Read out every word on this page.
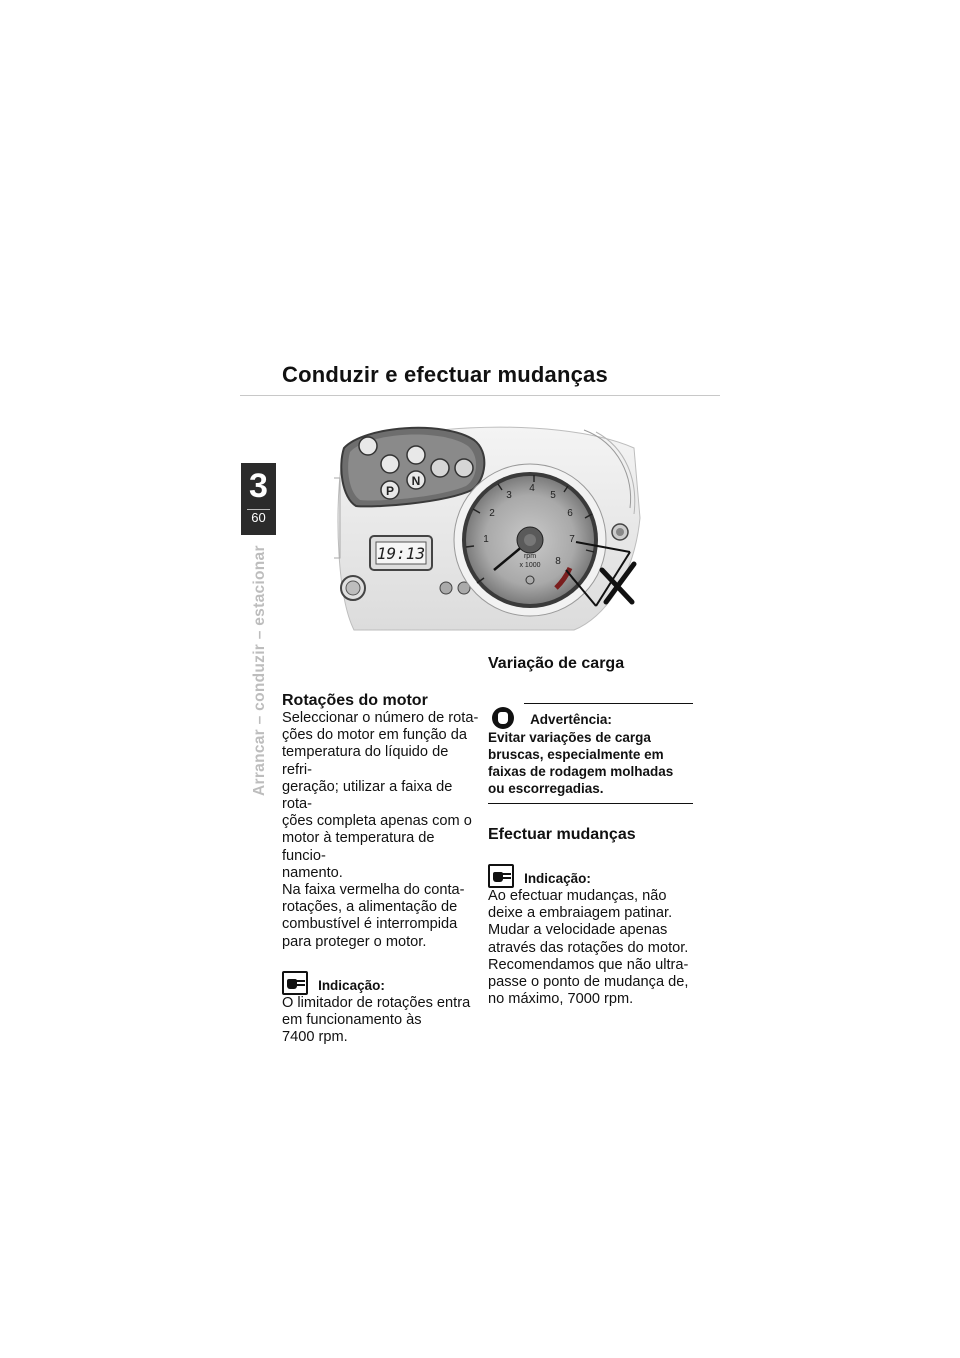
Conduzir e efectuar mudanças
3
60
Arrancar – conduzir – estacionar
N
P
19:13
1
2
3
4
5
6
7
8
rpm
x 1000

Rotações do motor

Seleccionar o número de rota-
ções do motor em função da
temperatura do líquido de refri-
geração; utilizar a faixa de rota-
ções completa apenas com o
motor à temperatura de funcio-
namento.
Na faixa vermelha do conta-
rotações, a alimentação de
combustível é interrompida
para proteger o motor.

Indicação:

O limitador de rotações entra
em funcionamento às
7400 rpm.

Variação de carga

Advertência:

Evitar variações de carga
bruscas, especialmente em
faixas de rodagem molhadas
ou escorregadias.

Efectuar mudanças

Indicação:

Ao efectuar mudanças, não
deixe a embraiagem patinar.
Mudar a velocidade apenas
através das rotações do motor.
Recomendamos que não ultra-
passe o ponto de mudança de,
no máximo, 7000 rpm.
